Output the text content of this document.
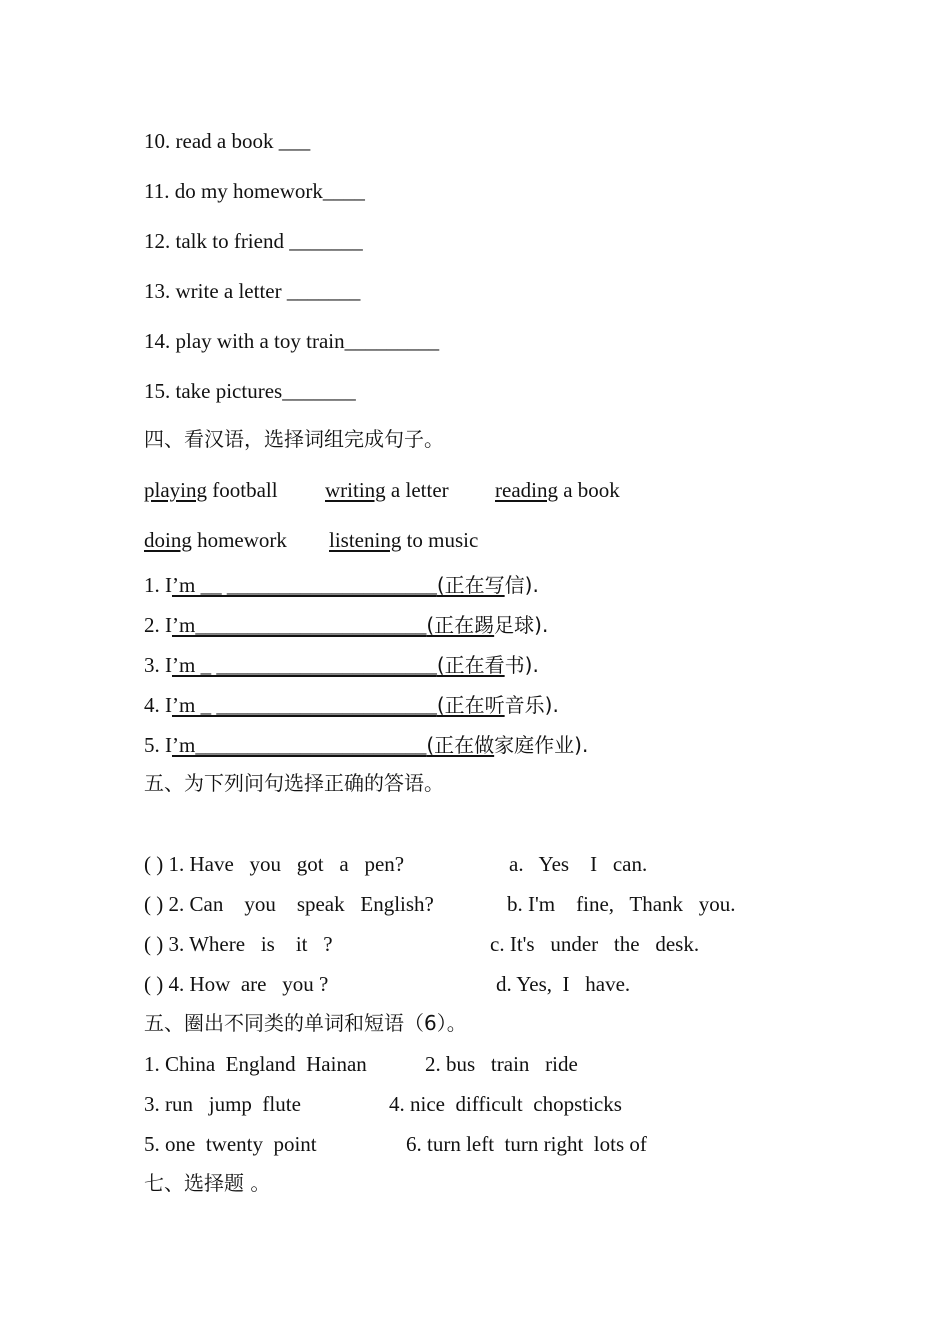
10. read a book ___
11. do my homework____
12. talk to friend _______
13. write a letter _______
14. play with a toy train_________
15. take pictures_______
四、看汉语，选择词组完成句子。
playing football writing a letter reading a book
doing homework listening to music
1. I’m __ ____________________(正在写信).
2. I’m______________________(正在踢足球).
3. I’m _ _____________________(正在看书).
4. I’m _ _____________________(正在听音乐).
5. I’m______________________(正在做家庭作业).
五、为下列问句选择正确的答语。
( ) 1. Have   you   got   a   pen?	a.   Yes    I   can.
( ) 2. Can    you    speak   English?	b. I'm    fine,   Thank   you.
( ) 3. Where   is    it   ?	c. It's   under   the   desk.
( ) 4. How  are   you ?	d. Yes,  I   have.
五、圈出不同类的单词和短语（6）。
1. China  England  Hainan	2. bus   train   ride
3. run   jump  flute	4. nice  difficult  chopsticks
5. one  twenty  point	6. turn left  turn right  lots of
七、选择题 。
